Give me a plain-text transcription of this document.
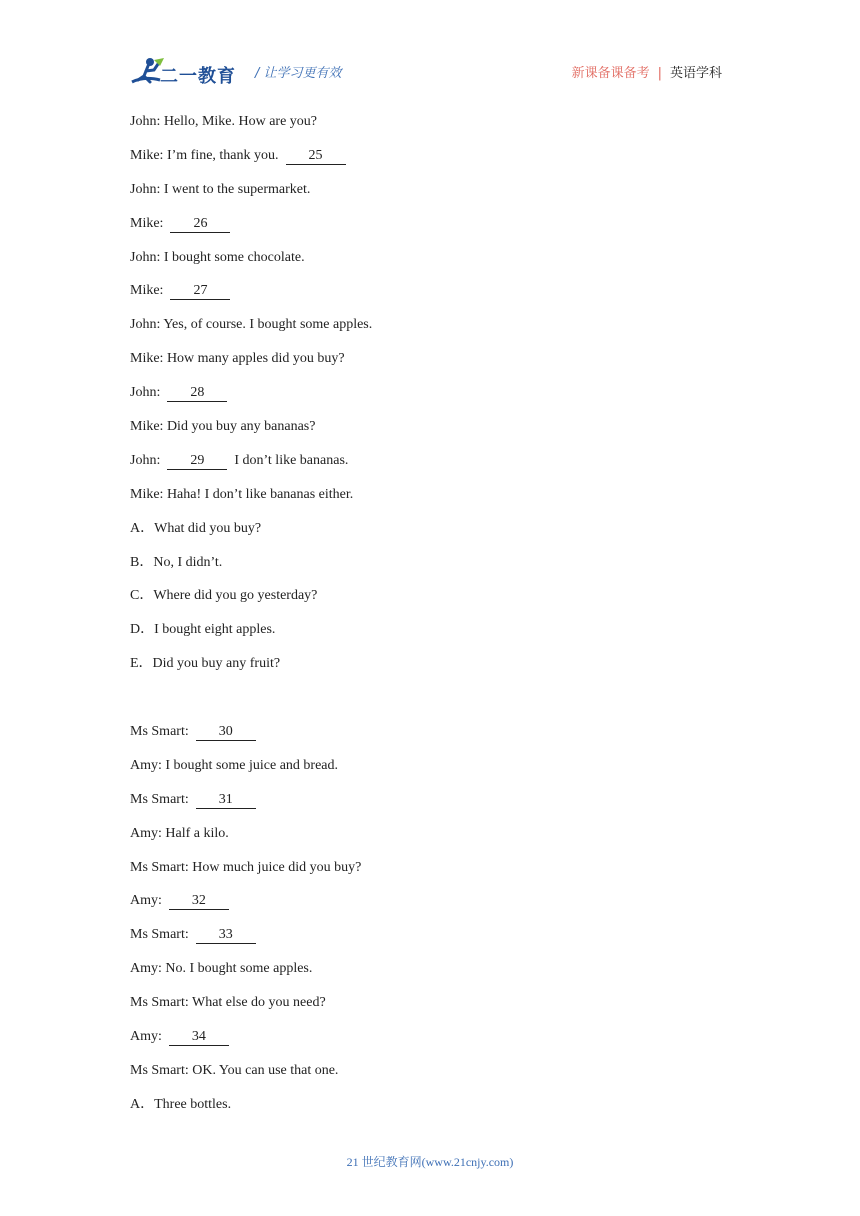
二一教育 / 让学习更有效	新课备课备考 | 英语学科
John: Hello, Mike. How are you?
Mike: I’m fine, thank you.  25
John: I went to the supermarket.
Mike:  26
John: I bought some chocolate.
Mike:  27
John: Yes, of course. I bought some apples.
Mike: How many apples did you buy?
John:  28
Mike: Did you buy any bananas?
John:  29  I don’t like bananas.
Mike: Haha! I don’t like bananas either.
A．What did you buy?
B．No, I didn’t.
C．Where did you go yesterday?
D．I bought eight apples.
E．Did you buy any fruit?
Ms Smart:  30
Amy: I bought some juice and bread.
Ms Smart:  31
Amy: Half a kilo.
Ms Smart: How much juice did you buy?
Amy:  32
Ms Smart:  33
Amy: No. I bought some apples.
Ms Smart: What else do you need?
Amy:  34
Ms Smart: OK. You can use that one.
A．Three bottles.
21 世纪教育网(www.21cnjy.com)
